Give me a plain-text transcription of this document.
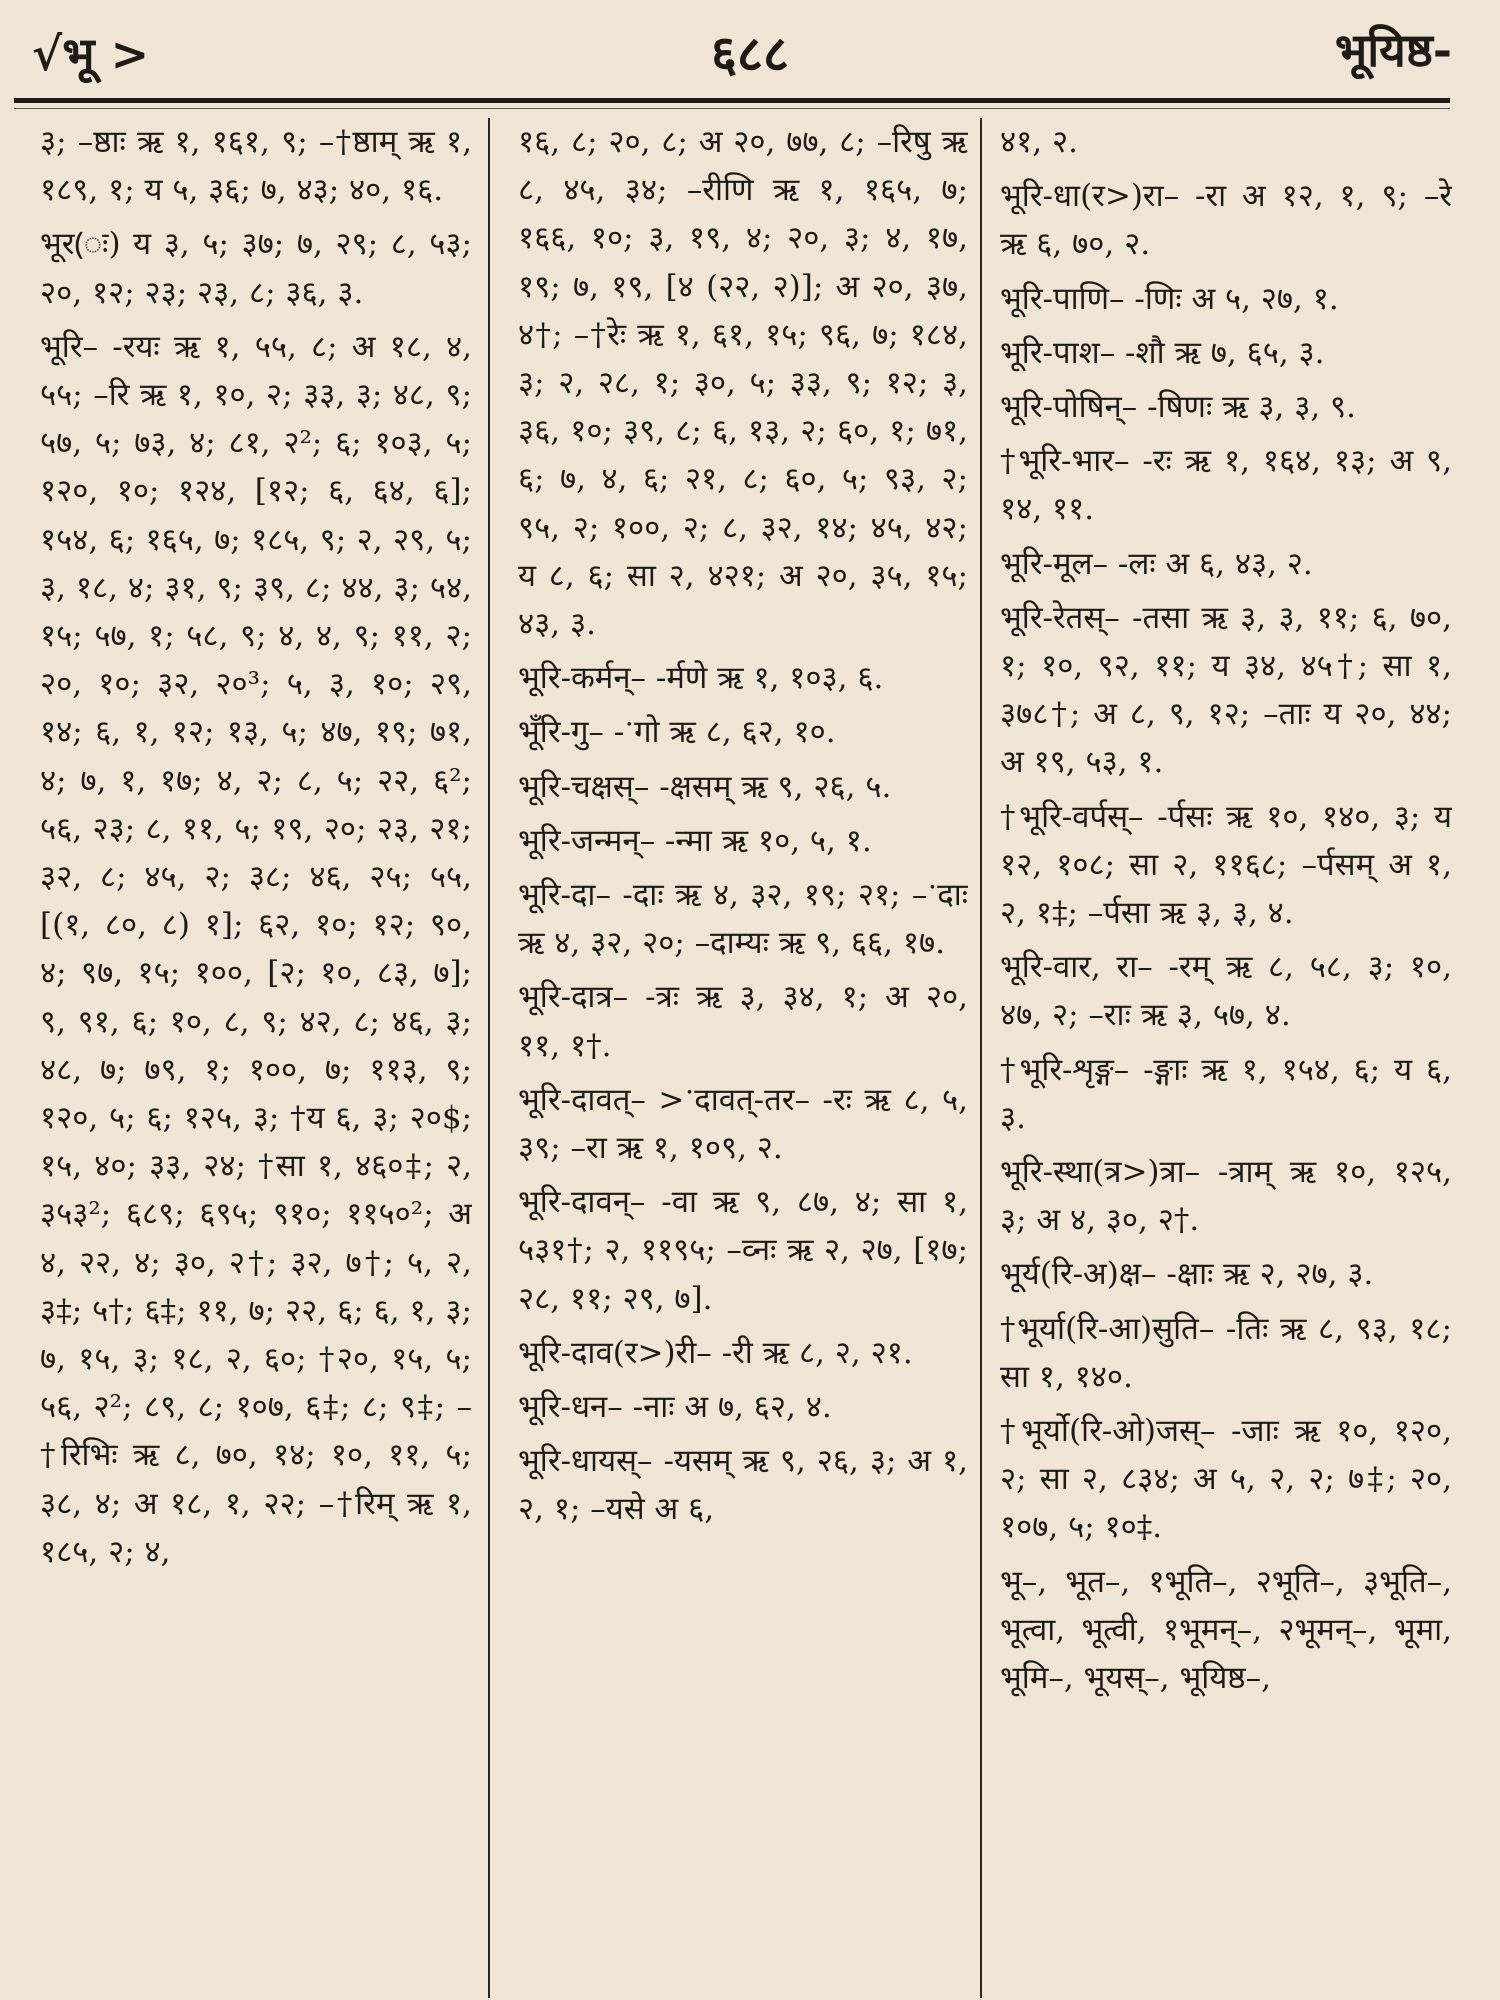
√भू >	६८८	भूयिष्ठ-

३; –ष्ठाः ऋ १, १६१, ९; –†ष्ठाम् ऋ १, १८९, १; य ५, ३६; ७, ४३; ४०, १६.

भूर(ः) य ३, ५; ३७; ७, २९; ८, ५३; २०, १२; २३; २३, ८; ३६, ३.

भूरि– -रयः ऋ १, ५५, ८; अ १८, ४, ५५; –रि ऋ १, १०, २; ३३, ३; ४८, ९; ५७, ५; ७३, ४; ८१, २²; ६; १०३, ५; १२०, १०; १२४, [१२; ६, ६४, ६]; १५४, ६; १६५, ७; १८५, ९; २, २९, ५; ३, १८, ४; ३१, ९; ३९, ८; ४४, ३; ५४, १५; ५७, १; ५८, ९; ४, ४, ९; ११, २; २०, १०; ३२, २०³; ५, ३, १०; २९, १४; ६, १, १२; १३, ५; ४७, १९; ७१, ४; ७, १, १७; ४, २; ८, ५; २२, ६²; ५६, २३; ८, ११, ५; १९, २०; २३, २१; ३२, ८; ४५, २; ३८; ४६, २५; ५५, [(१, ८०, ८) १]; ६२, १०; १२; ९०, ४; ९७, १५; १००, [२; १०, ८३, ७]; ९, ९१, ६; १०, ८, ९; ४२, ८; ४६, ३; ४८, ७; ७९, १; १००, ७; ११३, ९; १२०, ५; ६; १२५, ३; †य ६, ३; २०$; १५, ४०; ३३, २४; †सा १, ४६०‡; २, ३५३²; ६८९; ६९५; ९१०; ११५०²; अ ४, २२, ४; ३०, २†; ३२, ७†; ५, २, ३‡; ५†; ६‡; ११, ७; २२, ६; ६, १, ३; ७, १५, ३; १८, २, ६०; †२०, १५, ५; ५६, २²; ८९, ८; १०७, ६‡; ८; ९‡; –†रिभिः ऋ ८, ७०, १४; १०, ११, ५; ३८, ४; अ १८, १, २२; –†रिम् ऋ १, १८५, २; ४,

१६, ८; २०, ८; अ २०, ७७, ८; –रिषु ऋ ८, ४५, ३४; –रीणि ऋ १, १६५, ७; १६६, १०; ३, १९, ४; २०, ३; ४, १७, १९; ७, १९, [४ (२२, २)]; अ २०, ३७, ४†; –†रेः ऋ १, ६१, १५; ९६, ७; १८४, ३; २, २८, १; ३०, ५; ३३, ९; १२; ३, ३६, १०; ३९, ८; ६, १३, २; ६०, १; ७१, ६; ७, ४, ६; २१, ८; ६०, ५; ९३, २; ९५, २; १००, २; ८, ३२, १४; ४५, ४२; य ८, ६; सा २, ४२१; अ २०, ३५, १५; ४३, ३.

भूरि-कर्मन्– -र्मणे ऋ १, १०३, ६.

भूँरि-गु– -ॱगो ऋ ८, ६२, १०.

भूरि-चक्षस्– -क्षसम् ऋ ९, २६, ५.

भूरि-जन्मन्– -न्मा ऋ १०, ५, १.

भूरि-दा– -दाः ऋ ४, ३२, १९; २१; –ॱदाः ऋ ४, ३२, २०; –दाम्यः ऋ ९, ६६, १७.

भूरि-दात्र– -त्रः ऋ ३, ३४, १; अ २०, ११, १†.

भूरि-दावत्– >ॱदावत्-तर– -रः ऋ ८, ५, ३९; –रा ऋ १, १०९, २.

भूरि-दावन्– -वा ऋ ९, ८७, ४; सा १, ५३१†; २, ११९५; –व्नः ऋ २, २७, [१७; २८, ११; २९, ७].

भूरि-दाव(र>)री– -री ऋ ८, २, २१.

भूरि-धन– -नाः अ ७, ६२, ४.

भूरि-धायस्– -यसम् ऋ ९, २६, ३; अ १, २, १; –यसे अ ६,

४१, २.

भूरि-धा(र>)रा– -रा अ १२, १, ९; –रे ऋ ६, ७०, २.

भूरि-पाणि– -णिः अ ५, २७, १.

भूरि-पाश– -शौ ऋ ७, ६५, ३.

भूरि-पोषिन्– -षिणः ऋ ३, ३, ९.

†भूरि-भार– -रः ऋ १, १६४, १३; अ ९, १४, ११.

भूरि-मूल– -लः अ ६, ४३, २.

भूरि-रेतस्– -तसा ऋ ३, ३, ११; ६, ७०, १; १०, ९२, ११; य ३४, ४५†; सा १, ३७८†; अ ८, ९, १२; –ताः य २०, ४४; अ १९, ५३, १.

†भूरि-वर्पस्– -र्पसः ऋ १०, १४०, ३; य १२, १०८; सा २, ११६८; –र्पसम् अ १, २, १‡; –र्पसा ऋ ३, ३, ४.

भूरि-वार, रा– -रम् ऋ ८, ५८, ३; १०, ४७, २; –राः ऋ ३, ५७, ४.

†भूरि-शृङ्ग– -ङ्गाः ऋ १, १५४, ६; य ६, ३.

भूरि-स्था(त्र>)त्रा– -त्राम् ऋ १०, १२५, ३; अ ४, ३०, २†.

भूर्य(रि-अ)क्ष– -क्षाः ऋ २, २७, ३.

†भूर्या(रि-आ)सुति– -तिः ऋ ८, ९३, १८; सा १, १४०.

†भूर्यो(रि-ओ)जस्– -जाः ऋ १०, १२०, २; सा २, ८३४; अ ५, २, २; ७‡; २०, १०७, ५; १०‡.

भू–, भूत–, १भूति–, २भूति–, ३भूति–, भूत्वा, भूत्वी, १भूमन्–, २भूमन्–, भूमा, भूमि–, भूयस्–, भूयिष्ठ–,
